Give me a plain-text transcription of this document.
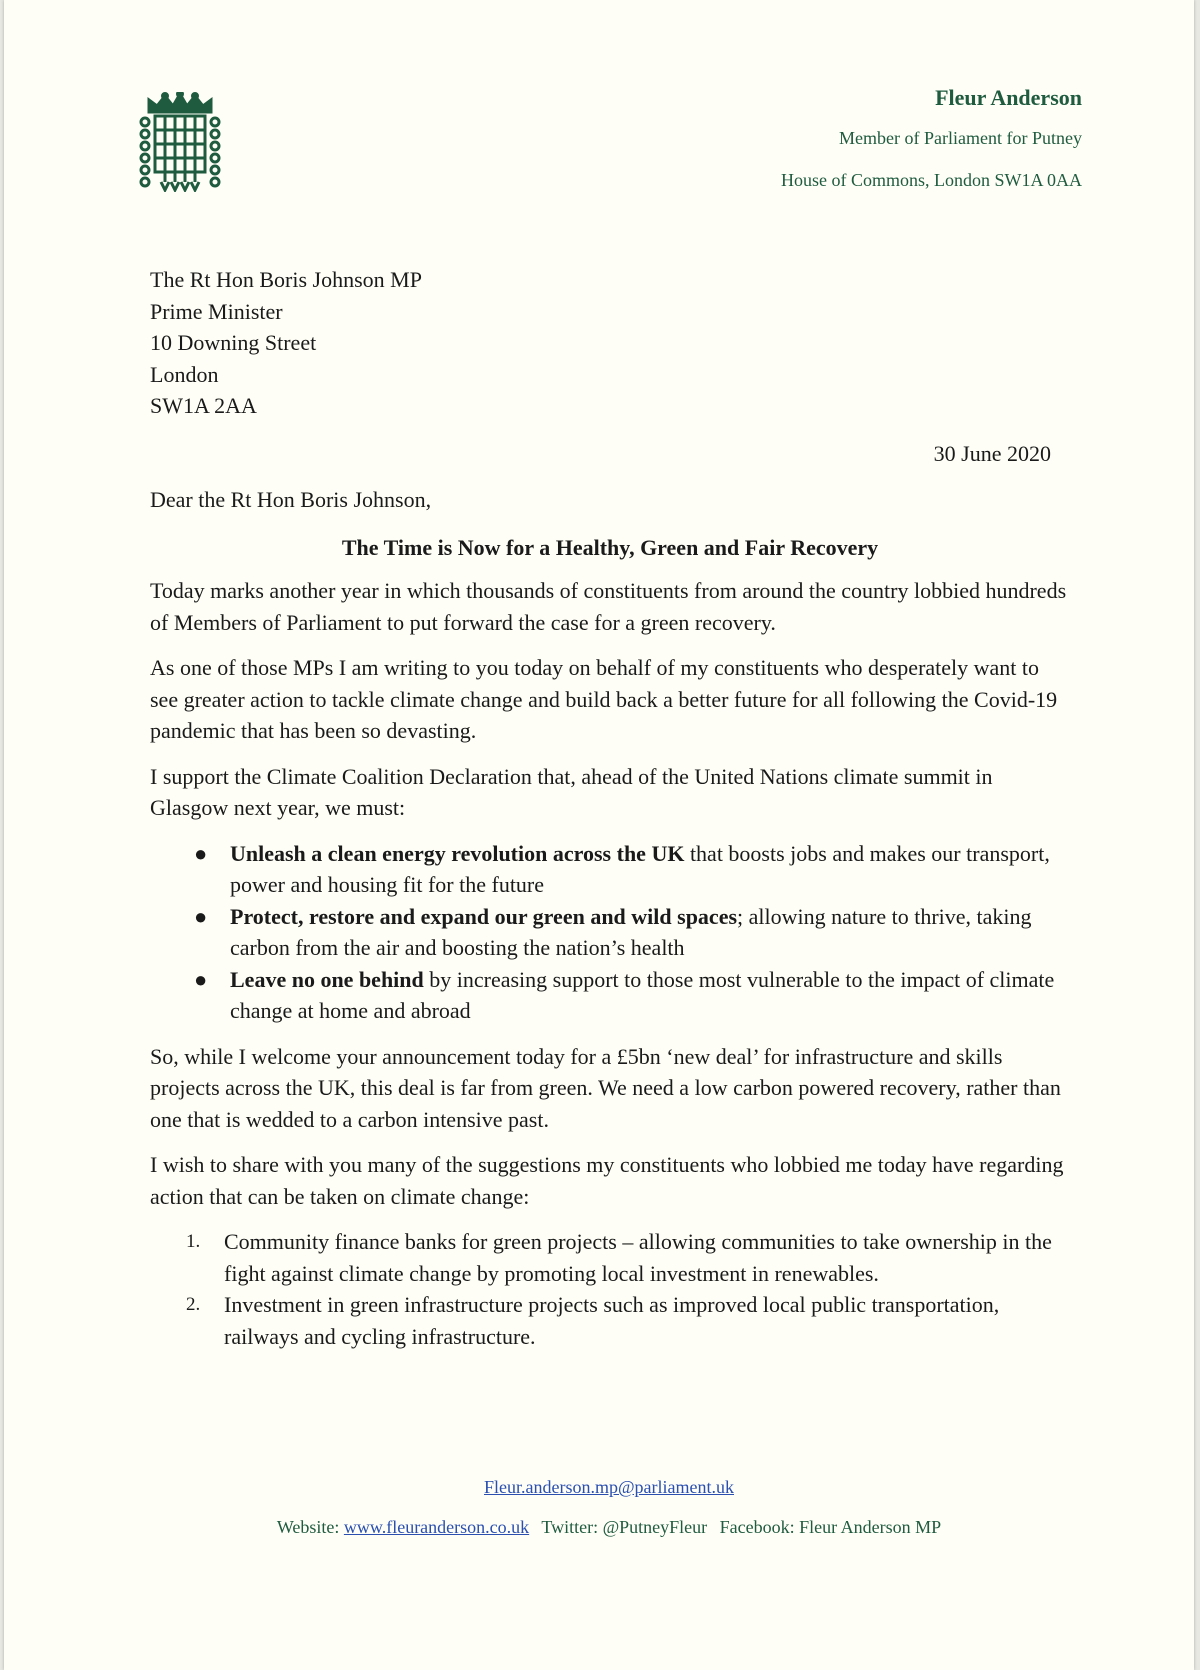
Fleur Anderson
Member of Parliament for Putney
House of Commons, London SW1A 0AA
The Rt Hon Boris Johnson MP
Prime Minister
10 Downing Street
London
SW1A 2AA
30 June 2020

Dear the Rt Hon Boris Johnson,

The Time is Now for a Healthy, Green and Fair Recovery

Today marks another year in which thousands of constituents from around the country lobbied hundreds of Members of Parliament to put forward the case for a green recovery.

As one of those MPs I am writing to you today on behalf of my constituents who desperately want to see greater action to tackle climate change and build back a better future for all following the Covid-19 pandemic that has been so devasting.

I support the Climate Coalition Declaration that, ahead of the United Nations climate summit in Glasgow next year, we must:

● Unleash a clean energy revolution across the UK that boosts jobs and makes our transport, power and housing fit for the future
● Protect, restore and expand our green and wild spaces; allowing nature to thrive, taking carbon from the air and boosting the nation’s health
● Leave no one behind by increasing support to those most vulnerable to the impact of climate change at home and abroad

So, while I welcome your announcement today for a £5bn ‘new deal’ for infrastructure and skills projects across the UK, this deal is far from green. We need a low carbon powered recovery, rather than one that is wedded to a carbon intensive past.

I wish to share with you many of the suggestions my constituents who lobbied me today have regarding action that can be taken on climate change:

1. Community finance banks for green projects – allowing communities to take ownership in the fight against climate change by promoting local investment in renewables.
2. Investment in green infrastructure projects such as improved local public transportation, railways and cycling infrastructure.
Fleur.anderson.mp@parliament.uk
Website: www.fleuranderson.co.uk Twitter: @PutneyFleur Facebook: Fleur Anderson MP
